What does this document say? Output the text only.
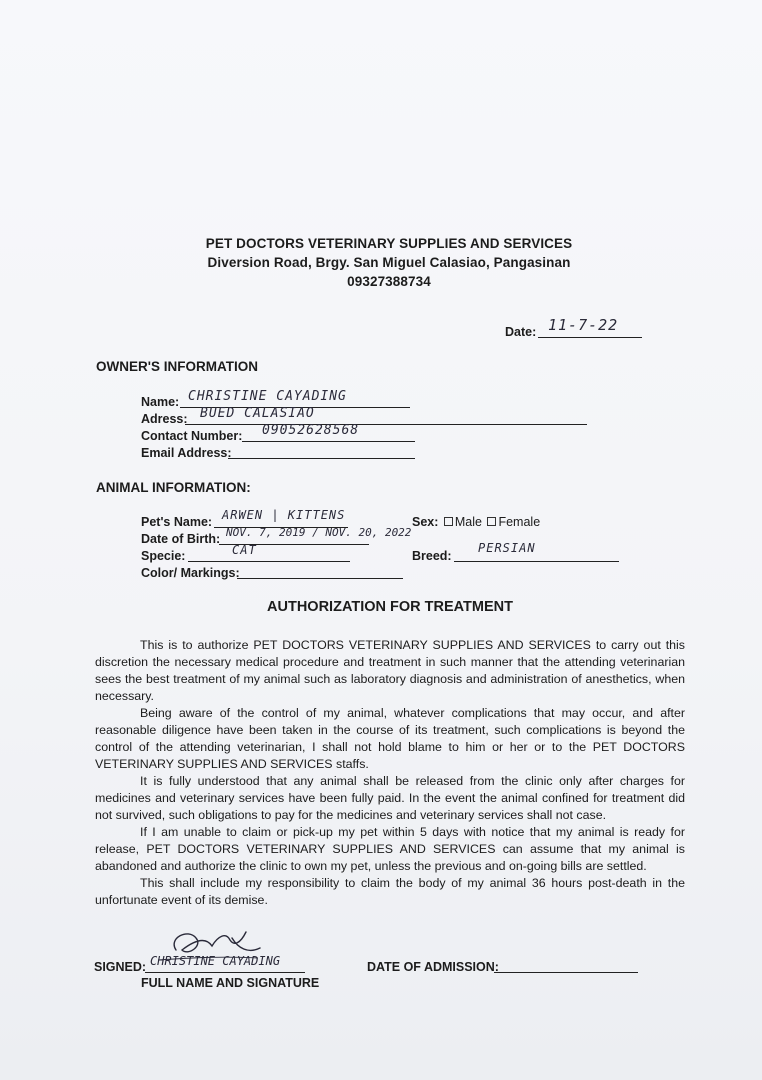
PET DOCTORS VETERINARY SUPPLIES AND SERVICES
Diversion Road, Brgy. San Miguel Calasiao, Pangasinan
09327388734
Date: 11-7-22
OWNER'S INFORMATION
Name: CHRISTINE CAYADING
Adress: BUED CALASIAO
Contact Number: 09052628568
Email Address:
ANIMAL INFORMATION:
Pet's Name: ARWEN | KITTENS
Date of Birth: NOV. 7, 2019 / NOV. 20, 2022
Specie:	CAT
Color/ Markings:
Sex: Male Female
Breed:
PERSIAN
AUTHORIZATION FOR TREATMENT

This is to authorize PET DOCTORS VETERINARY SUPPLIES AND SERVICES to carry out this discretion the necessary medical procedure and treatment in such manner that the attending veterinarian sees the best treatment of my animal such as laboratory diagnosis and administration of anesthetics, when necessary.

Being aware of the control of my animal, whatever complications that may occur, and after reasonable diligence have been taken in the course of its treatment, such complications is beyond the control of the attending veterinarian, I shall not hold blame to him or her or to the PET DOCTORS VETERINARY SUPPLIES AND SERVICES staffs.

It is fully understood that any animal shall be released from the clinic only after charges for medicines and veterinary services have been fully paid. In the event the animal confined for treatment did not survived, such obligations to pay for the medicines and veterinary services shall not case.

If I am unable to claim or pick-up my pet within 5 days with notice that my animal is ready for release, PET DOCTORS VETERINARY SUPPLIES AND SERVICES can assume that my animal is abandoned and authorize the clinic to own my pet, unless the previous and on-going bills are settled.

This shall include my responsibility to claim the body of my animal 36 hours post-death in the unfortunate event of its demise.

SIGNED: CHRISTINE CAYADING
FULL NAME AND SIGNATURE
DATE OF ADMISSION:
